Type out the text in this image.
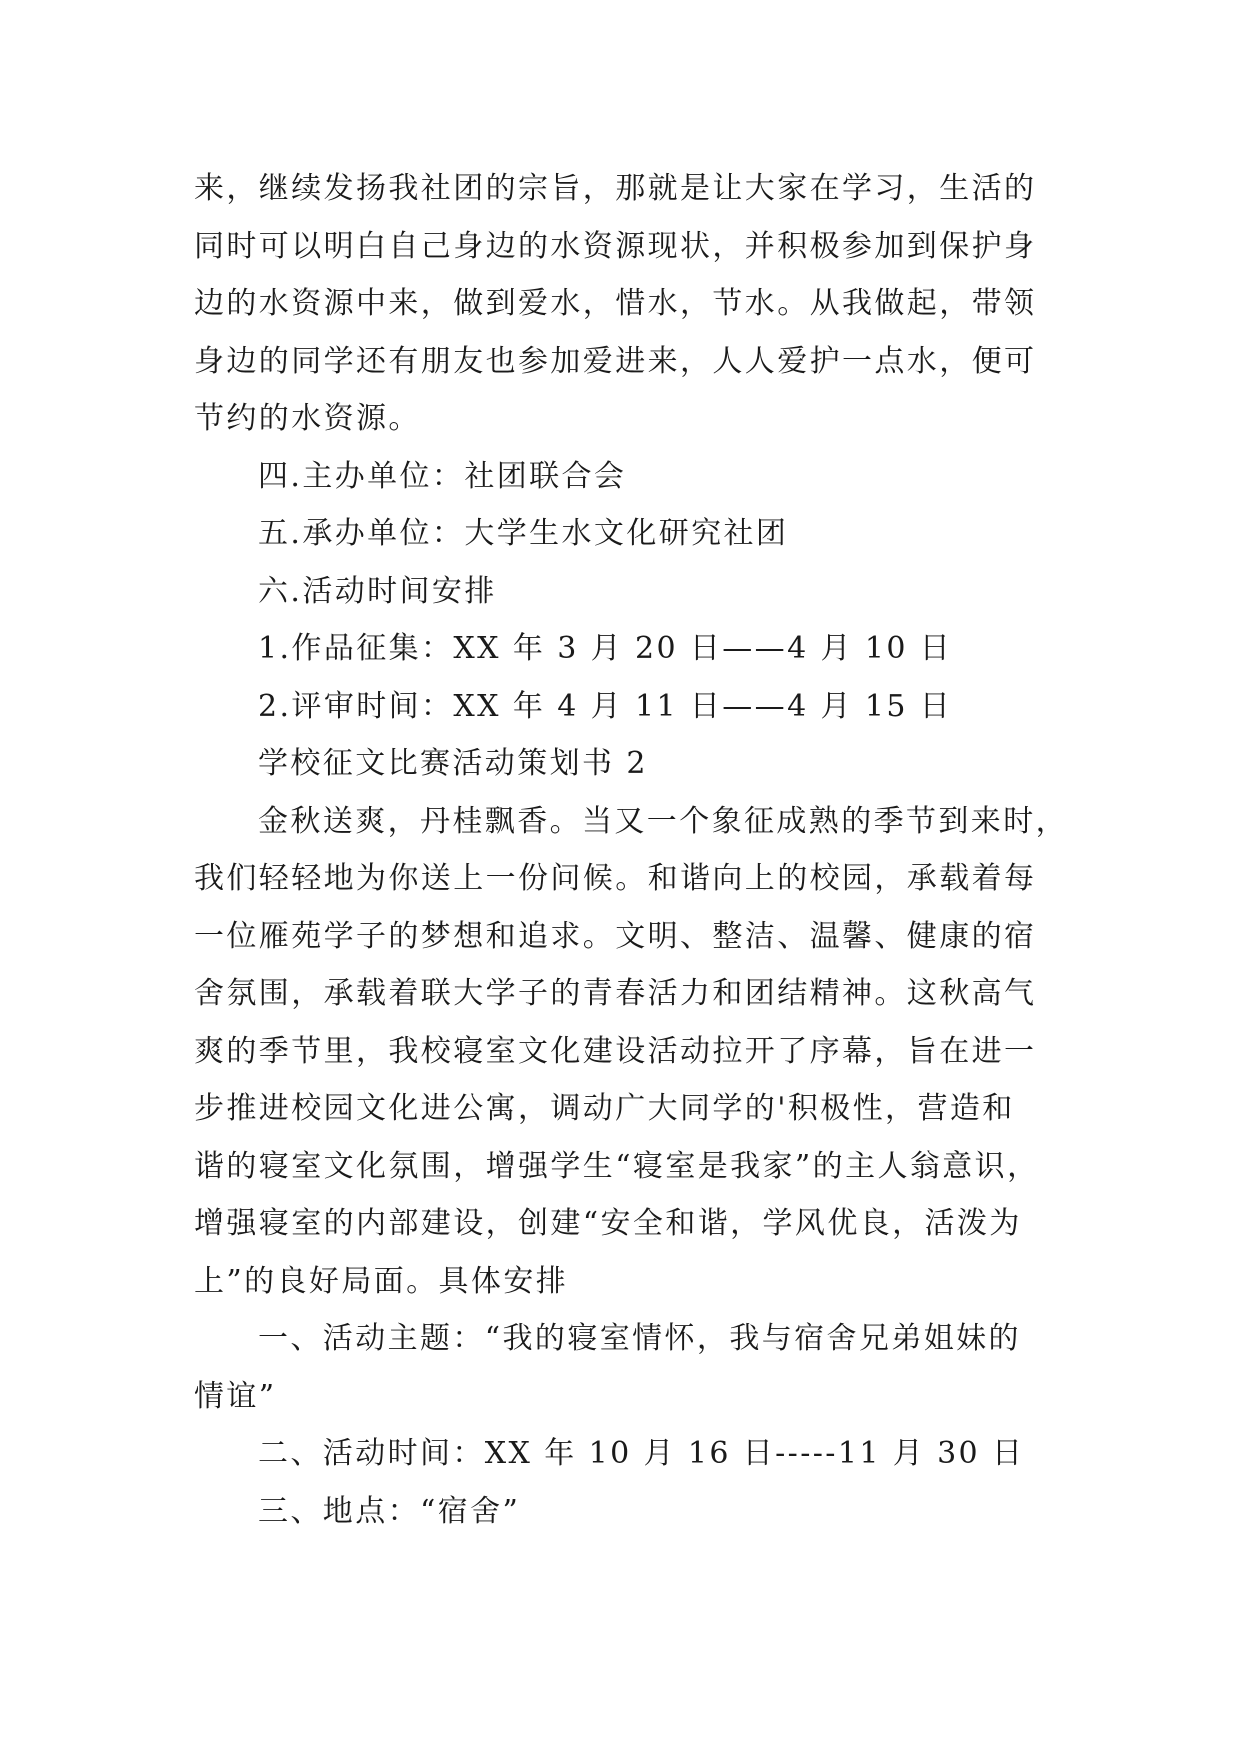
来，继续发扬我社团的宗旨，那就是让大家在学习，生活的

同时可以明白自己身边的水资源现状，并积极参加到保护身

边的水资源中来，做到爱水，惜水，节水。从我做起，带领

身边的同学还有朋友也参加爱进来，人人爱护一点水，便可

节约的水资源。

四.主办单位：社团联合会

五.承办单位：大学生水文化研究社团

六.活动时间安排

1.作品征集：XX 年 3 月 20 日——4 月 10 日

2.评审时间：XX 年 4 月 11 日——4 月 15 日

学校征文比赛活动策划书 2

金秋送爽，丹桂飘香。当又一个象征成熟的季节到来时，

我们轻轻地为你送上一份问候。和谐向上的校园，承载着每

一位雁苑学子的梦想和追求。文明、整洁、温馨、健康的宿

舍氛围，承载着联大学子的青春活力和团结精神。这秋高气

爽的季节里，我校寝室文化建设活动拉开了序幕，旨在进一

步推进校园文化进公寓，调动广大同学的'积极性，营造和

谐的寝室文化氛围，增强学生“寝室是我家”的主人翁意识，

增强寝室的内部建设，创建“安全和谐，学风优良，活泼为

上”的良好局面。具体安排

一、活动主题：“我的寝室情怀，我与宿舍兄弟姐妹的

情谊”

二、活动时间：XX 年 10 月 16 日-----11 月 30 日

三、地点：“宿舍”
